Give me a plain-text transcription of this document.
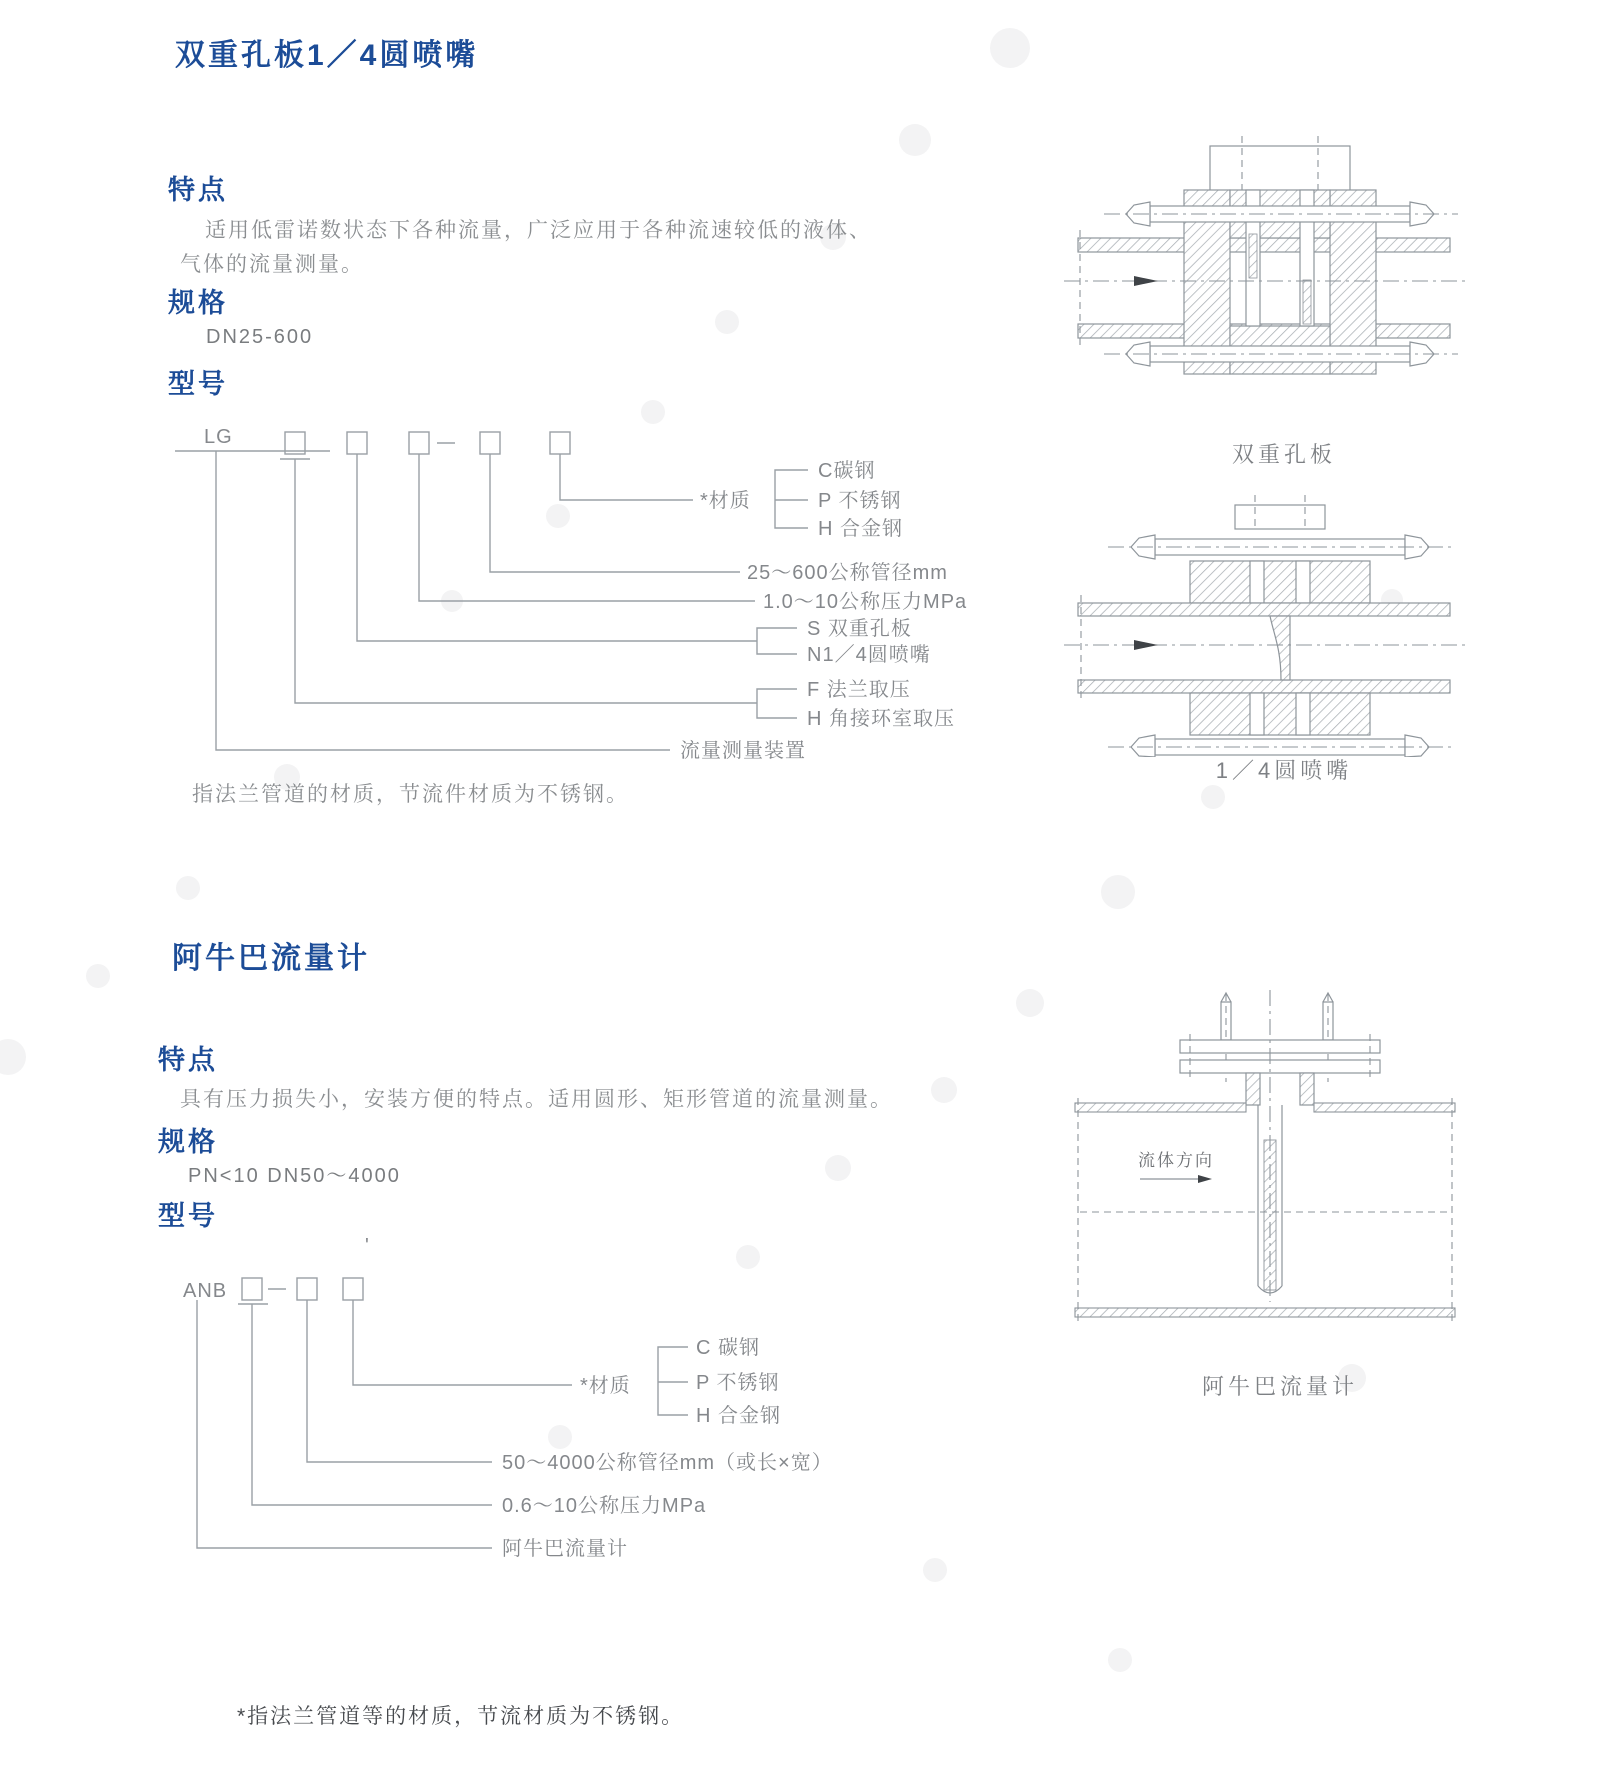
双重孔板1／4圆喷嘴
特点
适用低雷诺数状态下各种流量，广泛应用于各种流速较低的液体、
气体的流量测量。
规格
DN25-600
型号
LG
*材质
C碳钢
P 不锈钢
H 合金钢
25～600公称管径mm
1.0～10公称压力MPa
S 双重孔板
N1／4圆喷嘴
F 法兰取压
H 角接环室取压
流量测量装置
指法兰管道的材质，节流件材质为不锈钢。
双重孔板
1／4圆喷嘴
阿牛巴流量计
特点
具有压力损失小，安装方便的特点。适用圆形、矩形管道的流量测量。
规格
PN<10 DN50～4000
型号
ANB
'
*材质
C 碳钢
P 不锈钢
H 合金钢
50～4000公称管径mm（或长×宽）
0.6～10公称压力MPa
阿牛巴流量计
流体方向
阿牛巴流量计
*指法兰管道等的材质，节流材质为不锈钢。
